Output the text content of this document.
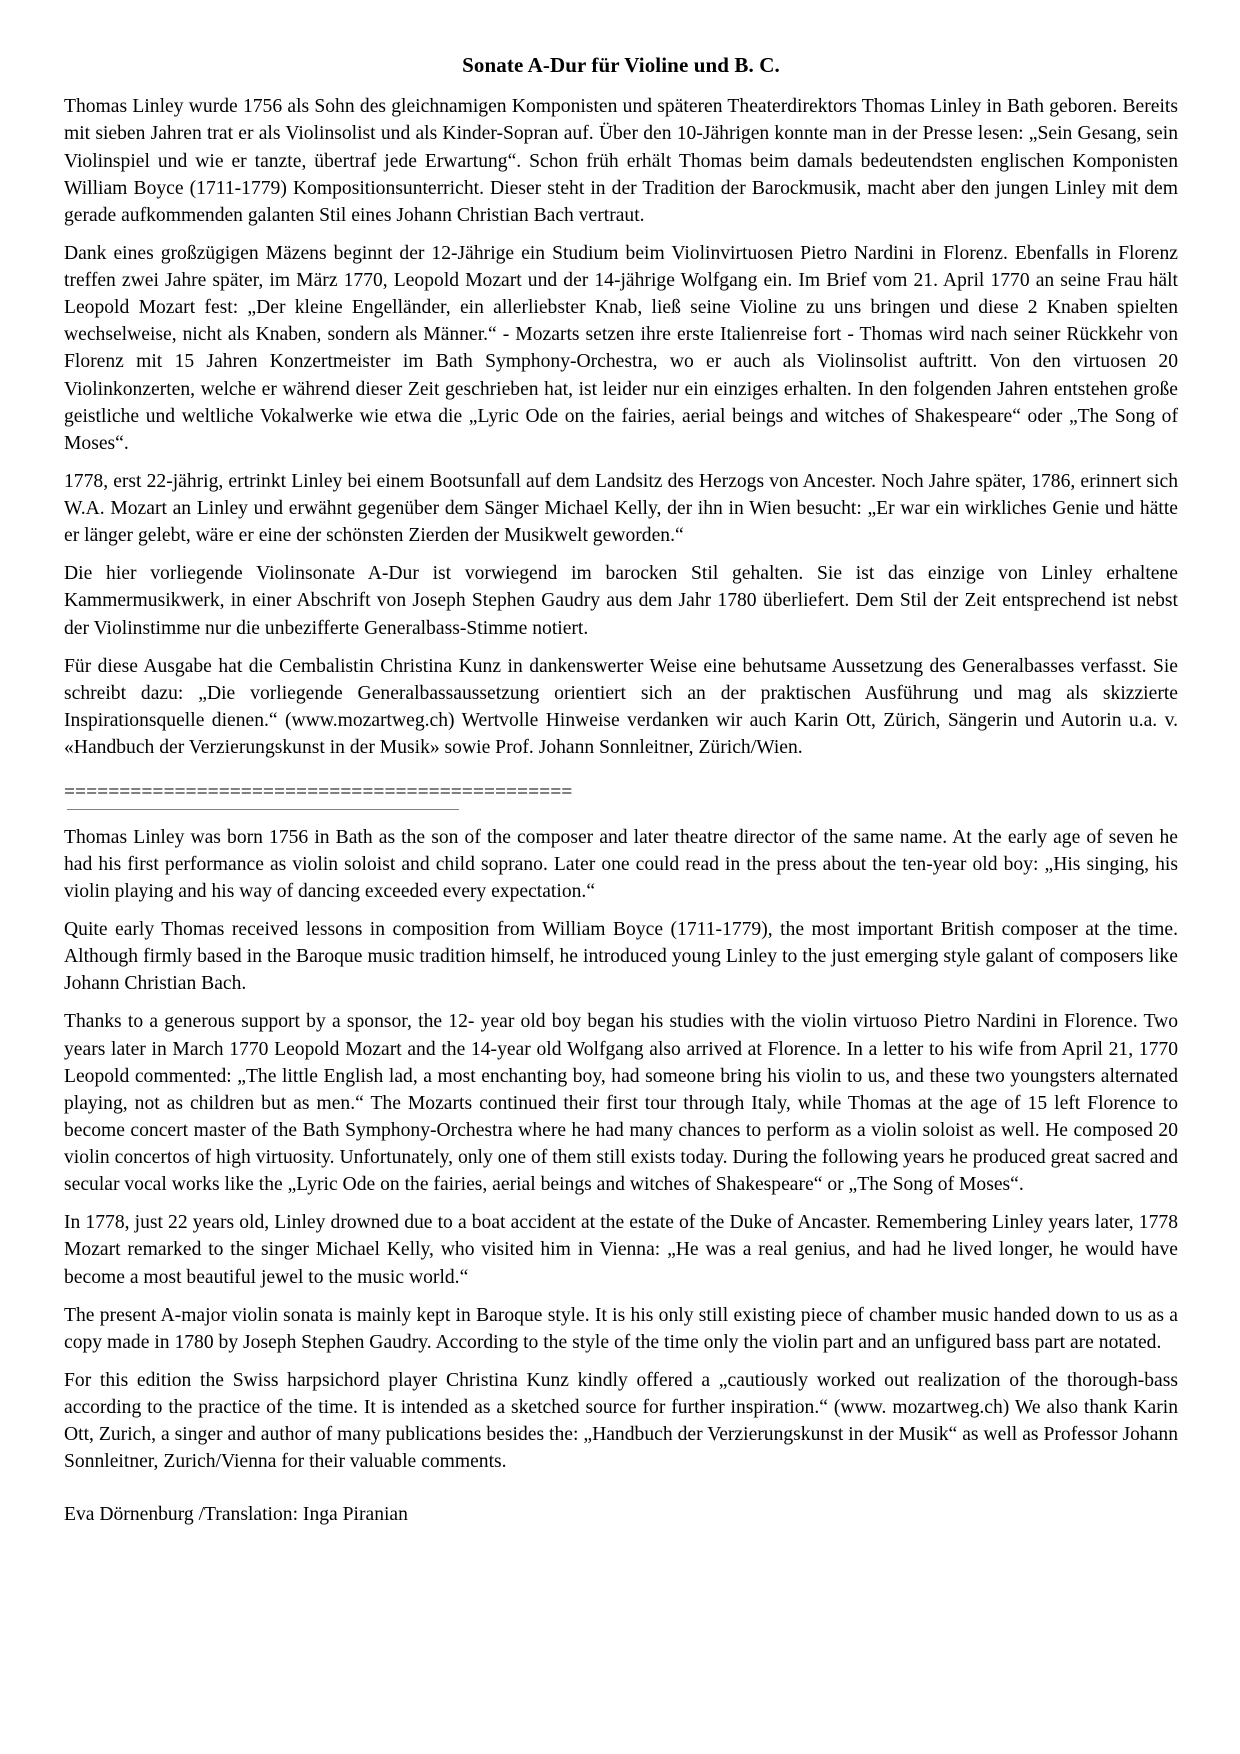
Sonate A-Dur für Violine und B. C.

Thomas Linley wurde 1756 als Sohn des gleichnamigen Komponisten und späteren Theaterdirektors Thomas Linley in Bath geboren. Bereits mit sieben Jahren trat er als Violinsolist und als Kinder-Sopran auf. Über den 10-Jährigen konnte man in der Presse lesen: „Sein Gesang, sein Violinspiel und wie er tanzte, übertraf jede Erwartung“. Schon früh erhält Thomas beim damals bedeutendsten englischen Komponisten William Boyce (1711-1779) Kompositionsunterricht. Dieser steht in der Tradition der Barockmusik, macht aber den jungen Linley mit dem gerade aufkommenden galanten Stil eines Johann Christian Bach vertraut.

Dank eines großzügigen Mäzens beginnt der 12-Jährige ein Studium beim Violinvirtuosen Pietro Nardini in Florenz. Ebenfalls in Florenz treffen zwei Jahre später, im März 1770, Leopold Mozart und der 14-jährige Wolfgang ein. Im Brief vom 21. April 1770 an seine Frau hält Leopold Mozart fest: „Der kleine Engelländer, ein allerliebster Knab, ließ seine Violine zu uns bringen und diese 2 Knaben spielten wechselweise, nicht als Knaben, sondern als Männer.“ - Mozarts setzen ihre erste Italienreise fort - Thomas wird nach seiner Rückkehr von Florenz mit 15 Jahren Konzertmeister im Bath Symphony-Orchestra, wo er auch als Violinsolist auftritt. Von den virtuosen 20 Violinkonzerten, welche er während dieser Zeit geschrieben hat, ist leider nur ein einziges erhalten. In den folgenden Jahren entstehen große geistliche und weltliche Vokalwerke wie etwa die „Lyric Ode on the fairies, aerial beings and witches of Shakespeare“ oder „The Song of Moses“.

1778, erst 22-jährig, ertrinkt Linley bei einem Bootsunfall auf dem Landsitz des Herzogs von Ancester. Noch Jahre später, 1786, erinnert sich W.A. Mozart an Linley und erwähnt gegenüber dem Sänger Michael Kelly, der ihn in Wien besucht: „Er war ein wirkliches Genie und hätte er länger gelebt, wäre er eine der schönsten Zierden der Musikwelt geworden.“

Die hier vorliegende Violinsonate A-Dur ist vorwiegend im barocken Stil gehalten. Sie ist das einzige von Linley erhaltene Kammermusikwerk, in einer Abschrift von Joseph Stephen Gaudry aus dem Jahr 1780 überliefert. Dem Stil der Zeit entsprechend ist nebst der Violinstimme nur die unbezifferte Generalbass-Stimme notiert.

Für diese Ausgabe hat die Cembalistin Christina Kunz in dankenswerter Weise eine behutsame Aussetzung des Generalbasses verfasst. Sie schreibt dazu: „Die vorliegende Generalbassaussetzung orientiert sich an der praktischen Ausführung und mag als skizzierte Inspirationsquelle dienen.“ (www.mozartweg.ch) Wertvolle Hinweise verdanken wir auch Karin Ott, Zürich, Sängerin und Autorin u.a. v. «Handbuch der Verzierungskunst in der Musik» sowie Prof. Johann Sonnleitner, Zürich/Wien.

==============================================

Thomas Linley was born 1756 in Bath as the son of the composer and later theatre director of the same name. At the early age of seven he had his first performance as violin soloist and child soprano. Later one could read in the press about the ten-year old boy: „His singing, his violin playing and his way of dancing exceeded every expectation.“

Quite early Thomas received lessons in composition from William Boyce (1711-1779), the most important British composer at the time. Although firmly based in the Baroque music tradition himself, he introduced young Linley to the just emerging style galant of composers like Johann Christian Bach.

Thanks to a generous support by a sponsor, the 12- year old boy began his studies with the violin virtuoso Pietro Nardini in Florence. Two years later in March 1770 Leopold Mozart and the 14-year old Wolfgang also arrived at Florence. In a letter to his wife from April 21, 1770 Leopold commented: „The little English lad, a most enchanting boy, had someone bring his violin to us, and these two youngsters alternated playing, not as children but as men.“ The Mozarts continued their first tour through Italy, while Thomas at the age of 15 left Florence to become concert master of the Bath Symphony-Orchestra where he had many chances to perform as a violin soloist as well. He composed 20 violin concertos of high virtuosity. Unfortunately, only one of them still exists today. During the following years he produced great sacred and secular vocal works like the „Lyric Ode on the fairies, aerial beings and witches of Shakespeare“ or „The Song of Moses“.

In 1778, just 22 years old, Linley drowned due to a boat accident at the estate of the Duke of Ancaster. Remembering Linley years later, 1778 Mozart remarked to the singer Michael Kelly, who visited him in Vienna: „He was a real genius, and had he lived longer, he would have become a most beautiful jewel to the music world.“

The present A-major violin sonata is mainly kept in Baroque style. It is his only still existing piece of chamber music handed down to us as a copy made in 1780 by Joseph Stephen Gaudry. According to the style of the time only the violin part and an unfigured bass part are notated.

For this edition the Swiss harpsichord player Christina Kunz kindly offered a „cautiously worked out realization of the thorough-bass according to the practice of the time. It is intended as a sketched source for further inspiration.“ (www. mozartweg.ch) We also thank Karin Ott, Zurich, a singer and author of many publications besides the: „Handbuch der Verzierungskunst in der Musik“ as well as Professor Johann Sonnleitner, Zurich/Vienna for their valuable comments.

Eva Dörnenburg /Translation: Inga Piranian
